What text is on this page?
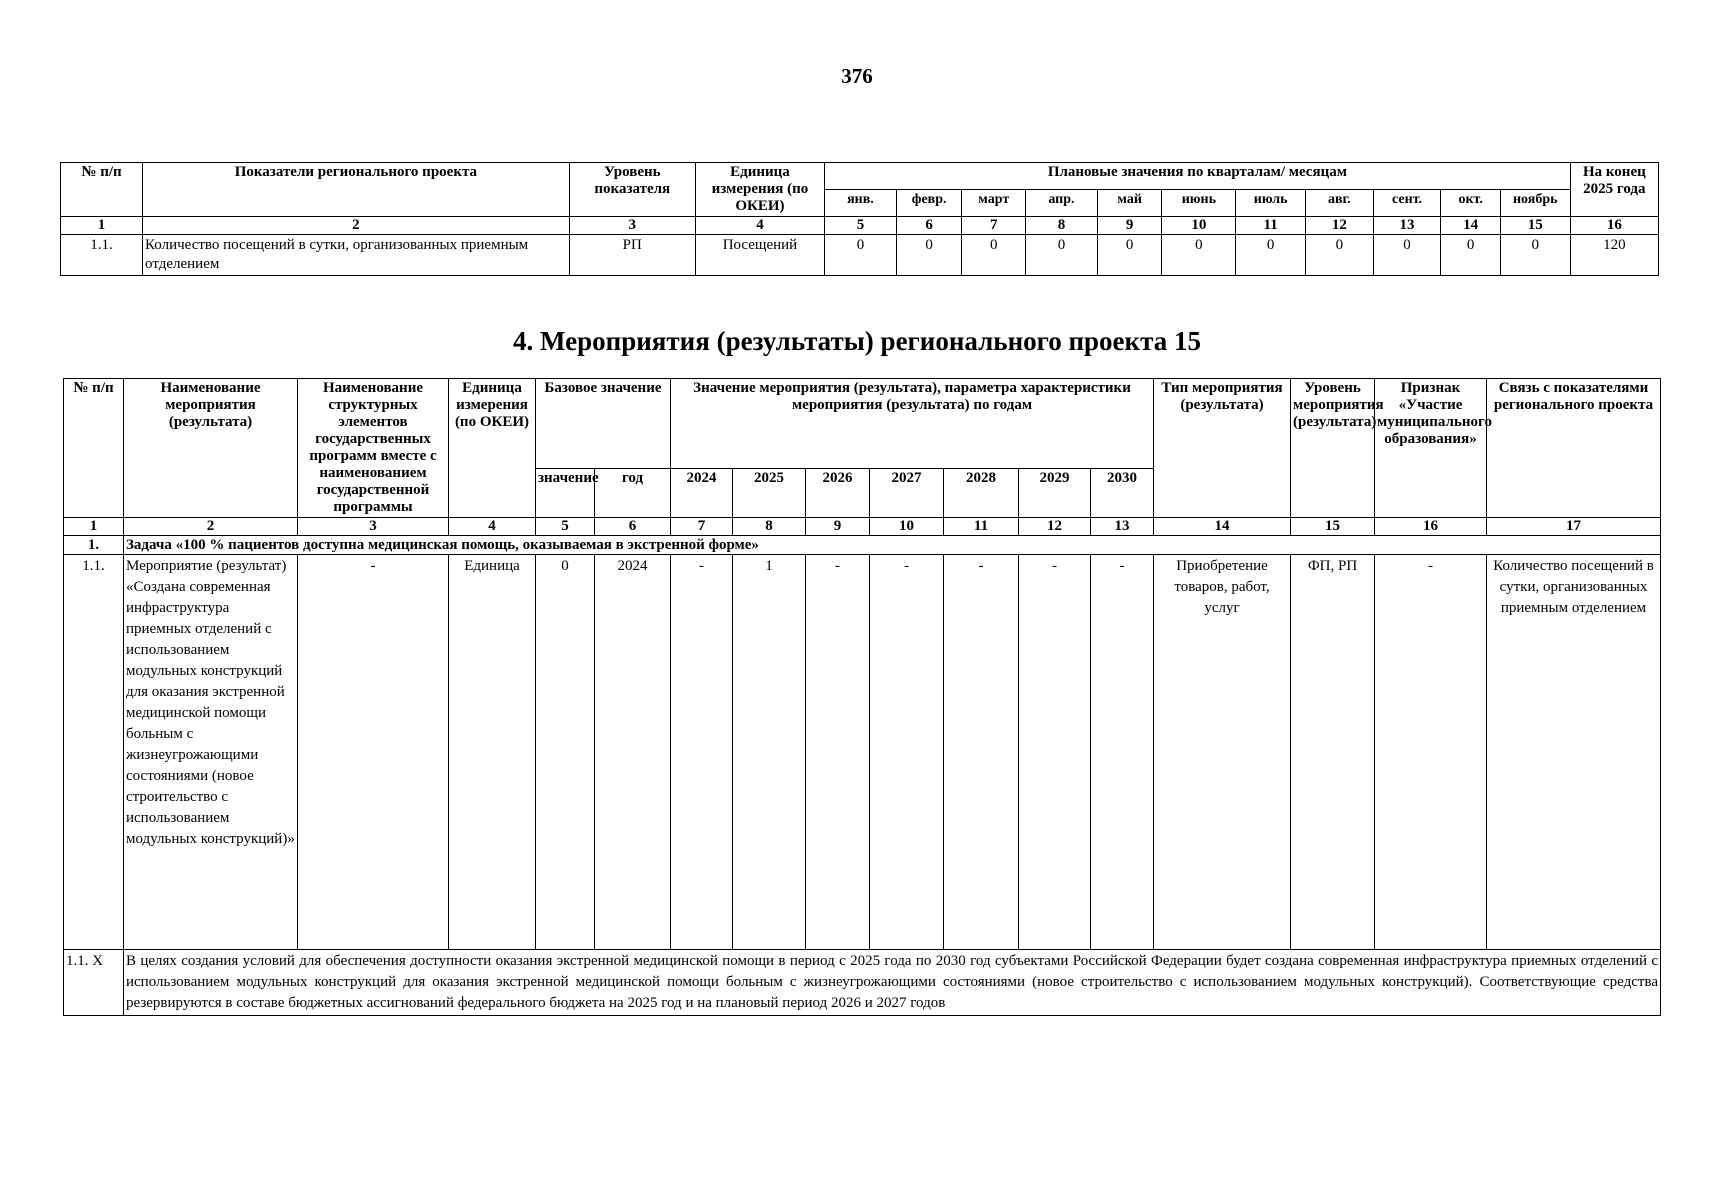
376
№ п/п	Показатели регионального проекта	Уровень показателя	Единица измерения (по ОКЕИ)	Плановые значения по кварталам/ месяцам											На конец 2025 года
				янв.	февр.	март	апр.	май	июнь	июль	авг.	сент.	окт.	ноябрь	
1	2	3	4	5	6	7	8	9	10	11	12	13	14	15	16
1.1.	Количество посещений в сутки, организованных приемным отделением	РП	Посещений	0	0	0	0	0	0	0	0	0	0	0	120
4. Мероприятия (результаты) регионального проекта 15
№ п/п	Наименование мероприятия (результата)	Наименование структурных элементов государственных программ вместе с наименованием государственной программы	Единица измерения (по ОКЕИ)	Базовое значение		Значение мероприятия (результата), параметра характеристики мероприятия (результата) по годам							Тип мероприятия (результата)	Уровень мероприятия (результата)	Признак «Участие муниципального образования»	Связь с показателями регионального проекта
				значение	год	2024	2025	2026	2027	2028	2029	2030				
1	2	3	4	5	6	7	8	9	10	11	12	13	14	15	16	17
1.	Задача «100 % пациентов доступна медицинская помощь, оказываемая в экстренной форме»															
1.1.	Мероприятие (результат) «Создана современная инфраструктура приемных отделений с использованием модульных конструкций для оказания экстренной медицинской помощи больным с жизнеугрожающими состояниями (новое строительство с использованием модульных конструкций)»	-	Единица	0	2024	-	1	-	-	-	-	-	Приобретение товаров, работ, услуг	ФП, РП	-	Количество посещений в сутки, организованных приемным отделением
1.1. Х	В целях создания условий для обеспечения доступности оказания экстренной медицинской помощи в период с 2025 года по 2030 год субъектами Российской Федерации будет создана современная инфраструктура приемных отделений с использованием модульных конструкций для оказания экстренной медицинской помощи больным с жизнеугрожающими состояниями (новое строительство с использованием модульных конструкций). Соответствующие средства резервируются в составе бюджетных ассигнований федерального бюджета на 2025 год и на плановый период 2026 и 2027 годов															
